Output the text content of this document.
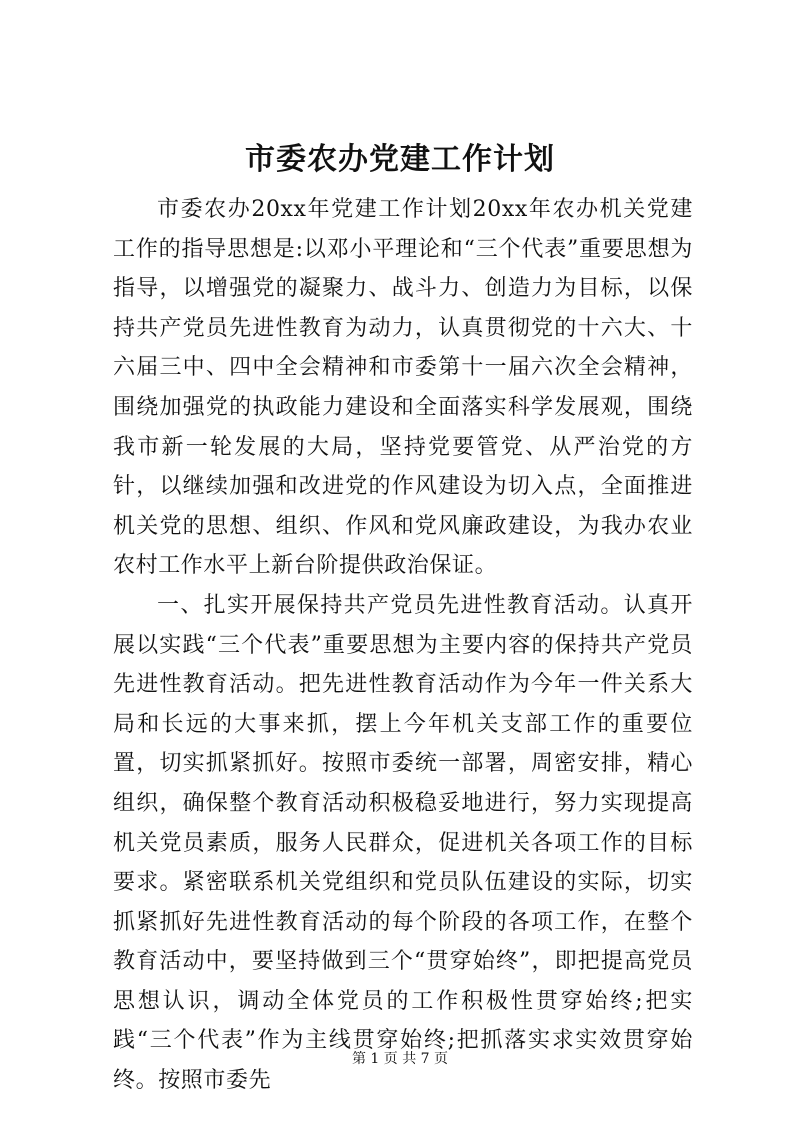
市委农办党建工作计划

市委农办20xx年党建工作计划20xx年农办机关党建工作的指导思想是:以邓小平理论和“三个代表”重要思想为指导，以增强党的凝聚力、战斗力、创造力为目标，以保持共产党员先进性教育为动力，认真贯彻党的十六大、十六届三中、四中全会精神和市委第十一届六次全会精神，围绕加强党的执政能力建设和全面落实科学发展观，围绕我市新一轮发展的大局，坚持党要管党、从严治党的方针，以继续加强和改进党的作风建设为切入点，全面推进机关党的思想、组织、作风和党风廉政建设，为我办农业农村工作水平上新台阶提供政治保证。

一、扎实开展保持共产党员先进性教育活动。认真开展以实践“三个代表”重要思想为主要内容的保持共产党员先进性教育活动。把先进性教育活动作为今年一件关系大局和长远的大事来抓，摆上今年机关支部工作的重要位置，切实抓紧抓好。按照市委统一部署，周密安排，精心组织，确保整个教育活动积极稳妥地进行，努力实现提高机关党员素质，服务人民群众，促进机关各项工作的目标要求。紧密联系机关党组织和党员队伍建设的实际，切实抓紧抓好先进性教育活动的每个阶段的各项工作，在整个教育活动中，要坚持做到三个“贯穿始终”，即把提高党员思想认识，调动全体党员的工作积极性贯穿始终;把实践“三个代表”作为主线贯穿始终;把抓落实求实效贯穿始终。按照市委先

第 1 页 共 7 页
